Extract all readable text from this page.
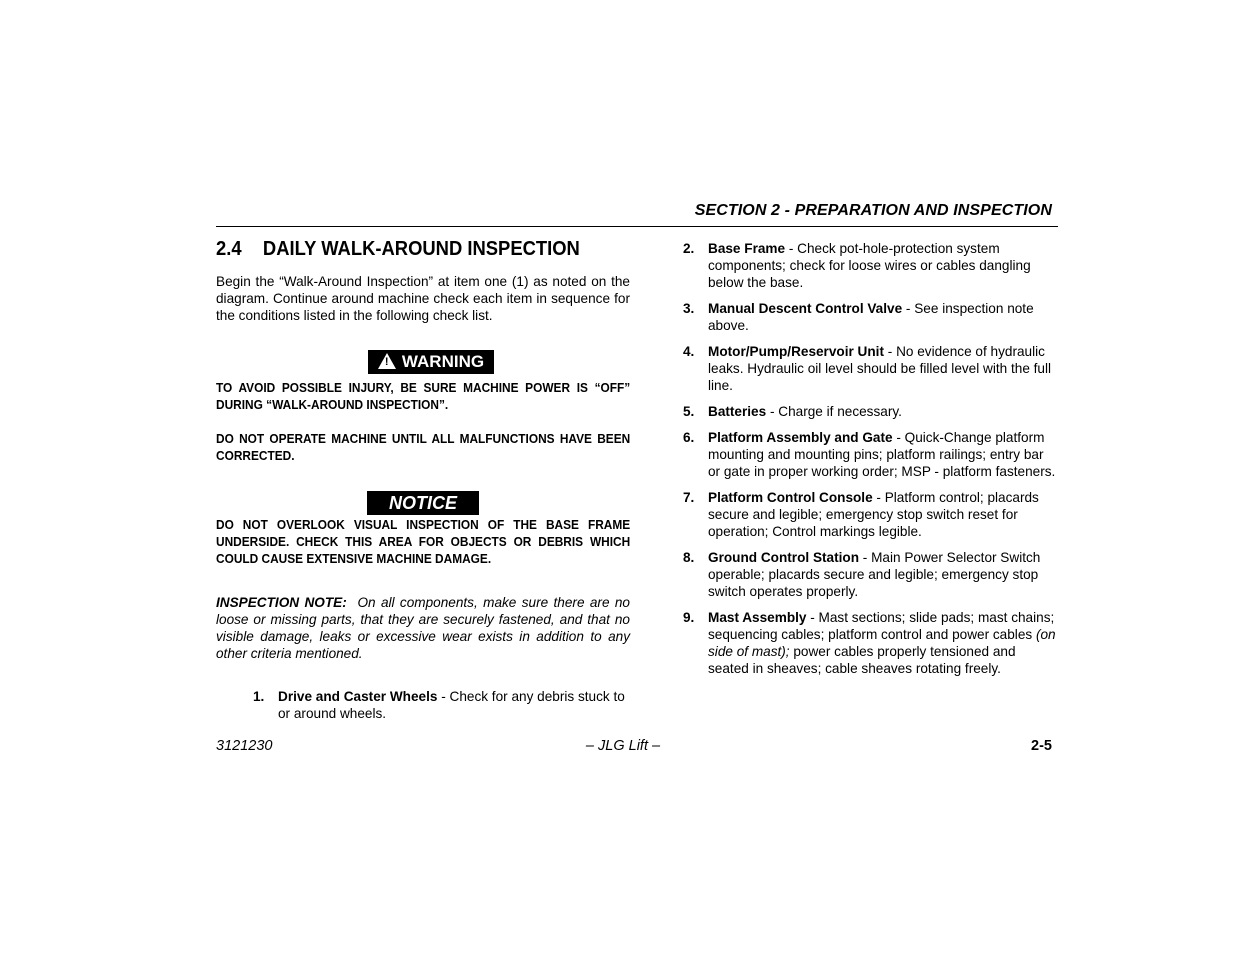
SECTION 2 - PREPARATION AND INSPECTION
2.4	DAILY WALK-AROUND INSPECTION

Begin the “Walk-Around Inspection” at item one (1) as noted on the diagram. Continue around machine check each item in sequence for the conditions listed in the following check list.

! WARNING

TO AVOID POSSIBLE INJURY, BE SURE MACHINE POWER IS “OFF” DURING “WALK-AROUND INSPECTION”.

DO NOT OPERATE MACHINE UNTIL ALL MALFUNCTIONS HAVE BEEN CORRECTED.

NOTICE

DO NOT OVERLOOK VISUAL INSPECTION OF THE BASE FRAME UNDERSIDE. CHECK THIS AREA FOR OBJECTS OR DEBRIS WHICH COULD CAUSE EXTENSIVE MACHINE DAMAGE.

INSPECTION NOTE: On all components, make sure there are no loose or missing parts, that they are securely fastened, and that no visible damage, leaks or excessive wear exists in addition to any other criteria mentioned.

1.	Drive and Caster Wheels - Check for any debris stuck to or around wheels.
2.	Base Frame - Check pot-hole-protection system components; check for loose wires or cables dangling below the base.
3.	Manual Descent Control Valve - See inspection note above.
4.	Motor/Pump/Reservoir Unit - No evidence of hydraulic leaks. Hydraulic oil level should be filled level with the full line.
5.	Batteries - Charge if necessary.
6.	Platform Assembly and Gate - Quick-Change platform mounting and mounting pins; platform railings; entry bar or gate in proper working order; MSP - platform fasteners.
7.	Platform Control Console - Platform control; placards secure and legible; emergency stop switch reset for operation; Control markings legible.
8.	Ground Control Station - Main Power Selector Switch operable; placards secure and legible; emergency stop switch operates properly.
9.	Mast Assembly - Mast sections; slide pads; mast chains; sequencing cables; platform control and power cables (on side of mast); power cables properly tensioned and seated in sheaves; cable sheaves rotating freely.
3121230	– JLG Lift –	2-5
